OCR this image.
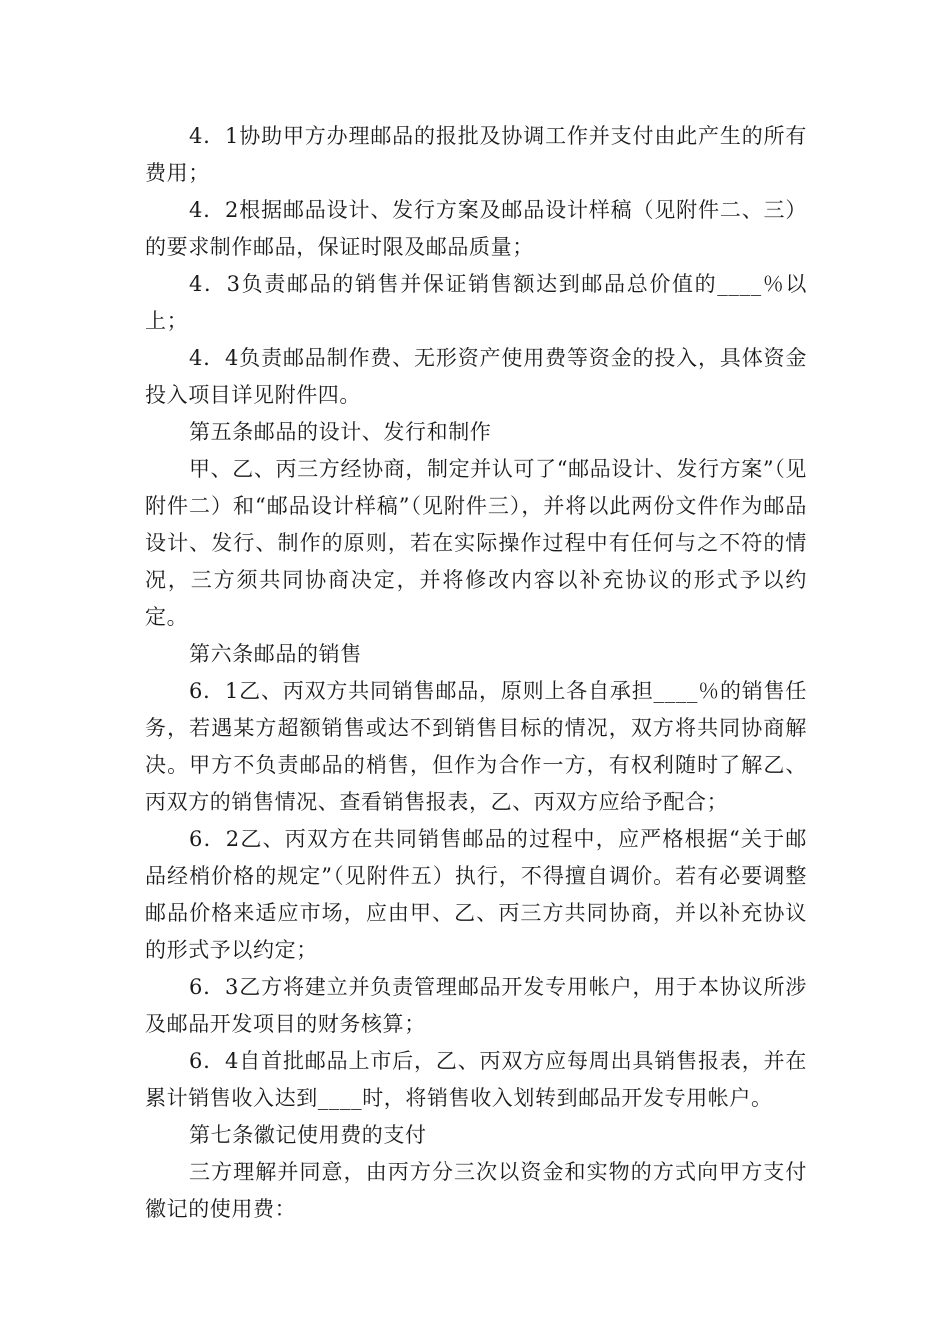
4．1协助甲方办理邮品的报批及协调工作并支付由此产生的所有费用；

4．2根据邮品设计、发行方案及邮品设计样稿（见附件二、三）的要求制作邮品，保证时限及邮品质量；

4．3负责邮品的销售并保证销售额达到邮品总价值的____％以上；

4．4负责邮品制作费、无形资产使用费等资金的投入，具体资金投入项目详见附件四。

第五条邮品的设计、发行和制作

甲、乙、丙三方经协商，制定并认可了“邮品设计、发行方案”（见附件二）和“邮品设计样稿”（见附件三），并将以此两份文件作为邮品设计、发行、制作的原则，若在实际操作过程中有任何与之不符的情况，三方须共同协商决定，并将修改内容以补充协议的形式予以约定。

第六条邮品的销售

6．1乙、丙双方共同销售邮品，原则上各自承担____％的销售任务，若遇某方超额销售或达不到销售目标的情况，双方将共同协商解决。甲方不负责邮品的梢售，但作为合作一方，有权利随时了解乙、丙双方的销售情况、查看销售报表，乙、丙双方应给予配合；

6．2乙、丙双方在共同销售邮品的过程中，应严格根据“关于邮品经梢价格的规定”（见附件五）执行，不得擅自调价。若有必要调整邮品价格来适应市场，应由甲、乙、丙三方共同协商，并以补充协议的形式予以约定；

6．3乙方将建立并负责管理邮品开发专用帐户，用于本协议所涉及邮品开发项目的财务核算；

6．4自首批邮品上市后，乙、丙双方应每周出具销售报表，并在累计销售收入达到____时，将销售收入划转到邮品开发专用帐户。

第七条徽记使用费的支付

三方理解并同意，由丙方分三次以资金和实物的方式向甲方支付徽记的使用费：
